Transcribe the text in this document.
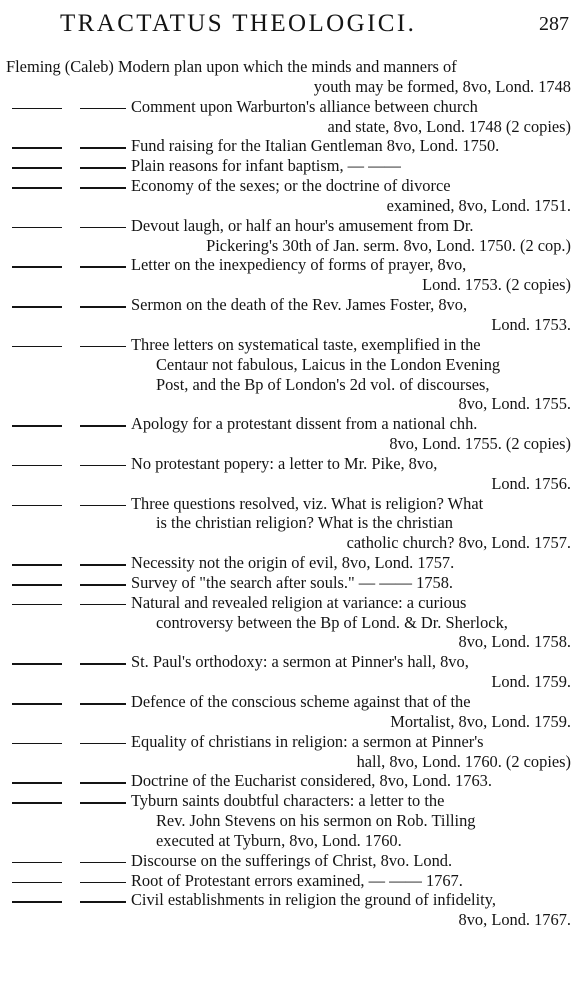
TRACTATUS THEOLOGICI.	287
Fleming (Caleb) Modern plan upon which the minds and manners of
youth may be formed, 8vo, Lond. 1748
Comment upon Warburton's alliance between church
and state, 8vo, Lond. 1748 (2 copies)
Fund raising for the Italian Gentleman 8vo, Lond. 1750.
Plain reasons for infant baptism, — ——
Economy of the sexes; or the doctrine of divorce
examined, 8vo, Lond. 1751.
Devout laugh, or half an hour's amusement from Dr.
Pickering's 30th of Jan. serm. 8vo, Lond. 1750. (2 cop.)
Letter on the inexpediency of forms of prayer, 8vo,
Lond. 1753. (2 copies)
Sermon on the death of the Rev. James Foster, 8vo,
Lond. 1753.
Three letters on systematical taste, exemplified in the
Centaur not fabulous, Laicus in the London Evening
Post, and the Bp of London's 2d vol. of discourses,
8vo, Lond. 1755.
Apology for a protestant dissent from a national chh.
8vo, Lond. 1755. (2 copies)
No protestant popery: a letter to Mr. Pike, 8vo,
Lond. 1756.
Three questions resolved, viz. What is religion? What
is the christian religion? What is the christian
catholic church? 8vo, Lond. 1757.
Necessity not the origin of evil, 8vo, Lond. 1757.
Survey of "the search after souls." — —— 1758.
Natural and revealed religion at variance: a curious
controversy between the Bp of Lond. & Dr. Sherlock,
8vo, Lond. 1758.
St. Paul's orthodoxy: a sermon at Pinner's hall, 8vo,
Lond. 1759.
Defence of the conscious scheme against that of the
Mortalist, 8vo, Lond. 1759.
Equality of christians in religion: a sermon at Pinner's
hall, 8vo, Lond. 1760. (2 copies)
Doctrine of the Eucharist considered, 8vo, Lond. 1763.
Tyburn saints doubtful characters: a letter to the
Rev. John Stevens on his sermon on Rob. Tilling
executed at Tyburn, 8vo, Lond. 1760.
Discourse on the sufferings of Christ, 8vo. Lond.
Root of Protestant errors examined, — —— 1767.
Civil establishments in religion the ground of infidelity,
8vo, Lond. 1767.
